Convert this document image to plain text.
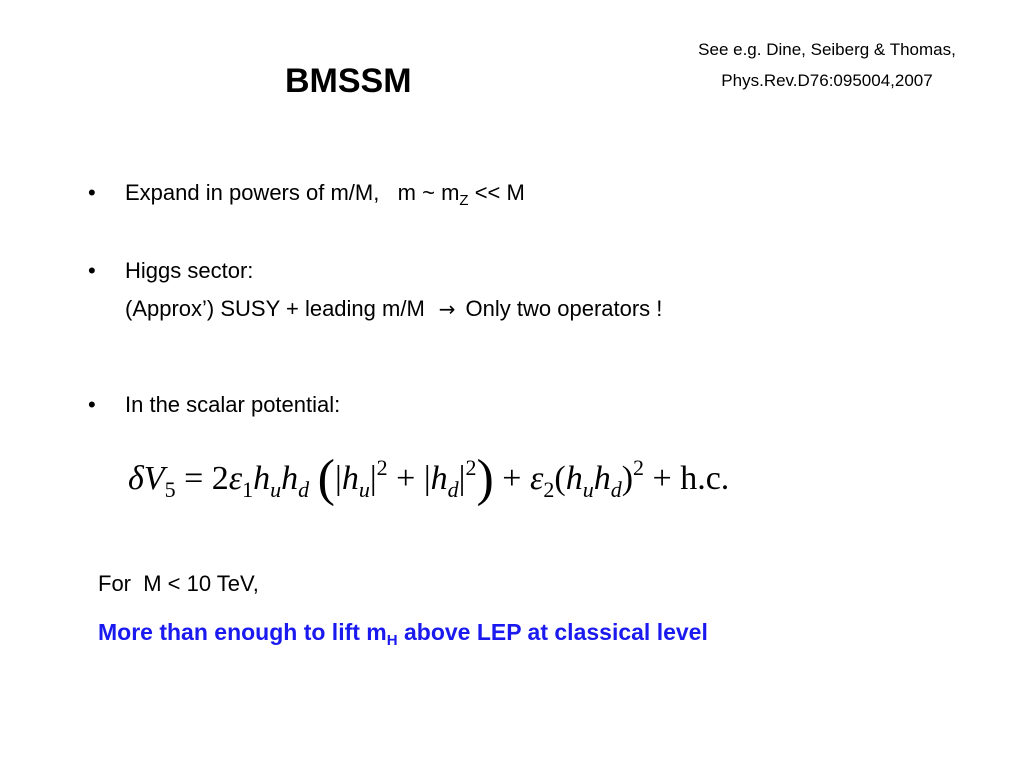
BMSSM
See e.g. Dine, Seiberg & Thomas,
Phys.Rev.D76:095004,2007
• Expand in powers of m/M,   m ~ $m_Z << M$
• Higgs sector:
(Approx’) SUSY + leading m/M → Only two operators !
• In the scalar potential:
$\delta V_5 = 2\varepsilon_1h_uh_d$ $(|h_u|^2 + |h_d|^2) + \varepsilon_2(h_uh_d)^2 + h.c$.
For  M < 10 TeV,
More than enough to lift $m_H$ above LEP at classical level
